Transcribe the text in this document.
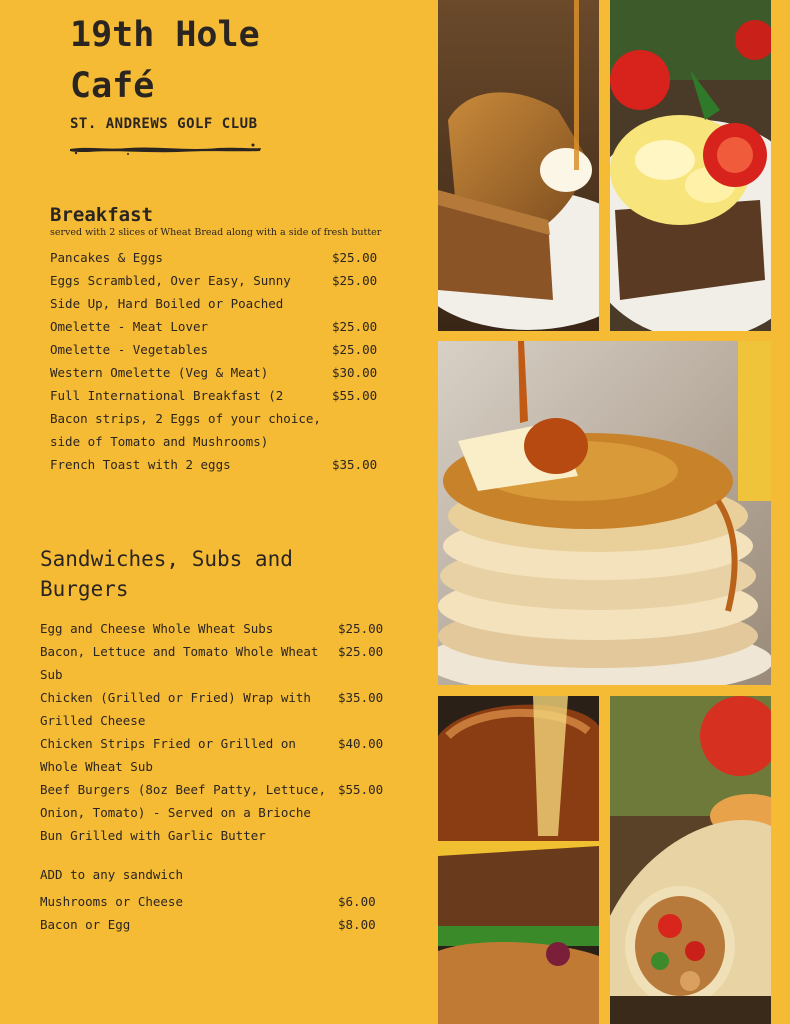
19th Hole
Café
ST. ANDREWS GOLF CLUB
Breakfast
served with 2 slices of Wheat Bread along with a side of fresh butter
Pancakes & Eggs	$25.00
Eggs Scrambled, Over Easy, Sunny Side Up, Hard Boiled or Poached
$25.00
Omelette - Meat Lover	$25.00
Omelette - Vegetables	$25.00
Western Omelette (Veg & Meat)	$30.00
Full International Breakfast (2 Bacon strips, 2 Eggs of your choice, side of Tomato and Mushrooms)
$55.00
French Toast with 2 eggs	$35.00
Sandwiches, Subs and Burgers
Egg and Cheese Whole Wheat Subs	$25.00
Bacon, Lettuce and Tomato Whole Wheat Sub
$25.00
Chicken (Grilled or Fried) Wrap with Grilled Cheese
$35.00
Chicken Strips Fried or Grilled on Whole Wheat Sub
$40.00
Beef Burgers (8oz Beef Patty, Lettuce, Onion, Tomato) - Served on a Brioche Bun Grilled with Garlic Butter
$55.00
ADD to any sandwich
Mushrooms or Cheese	$6.00
Bacon or Egg	$8.00
